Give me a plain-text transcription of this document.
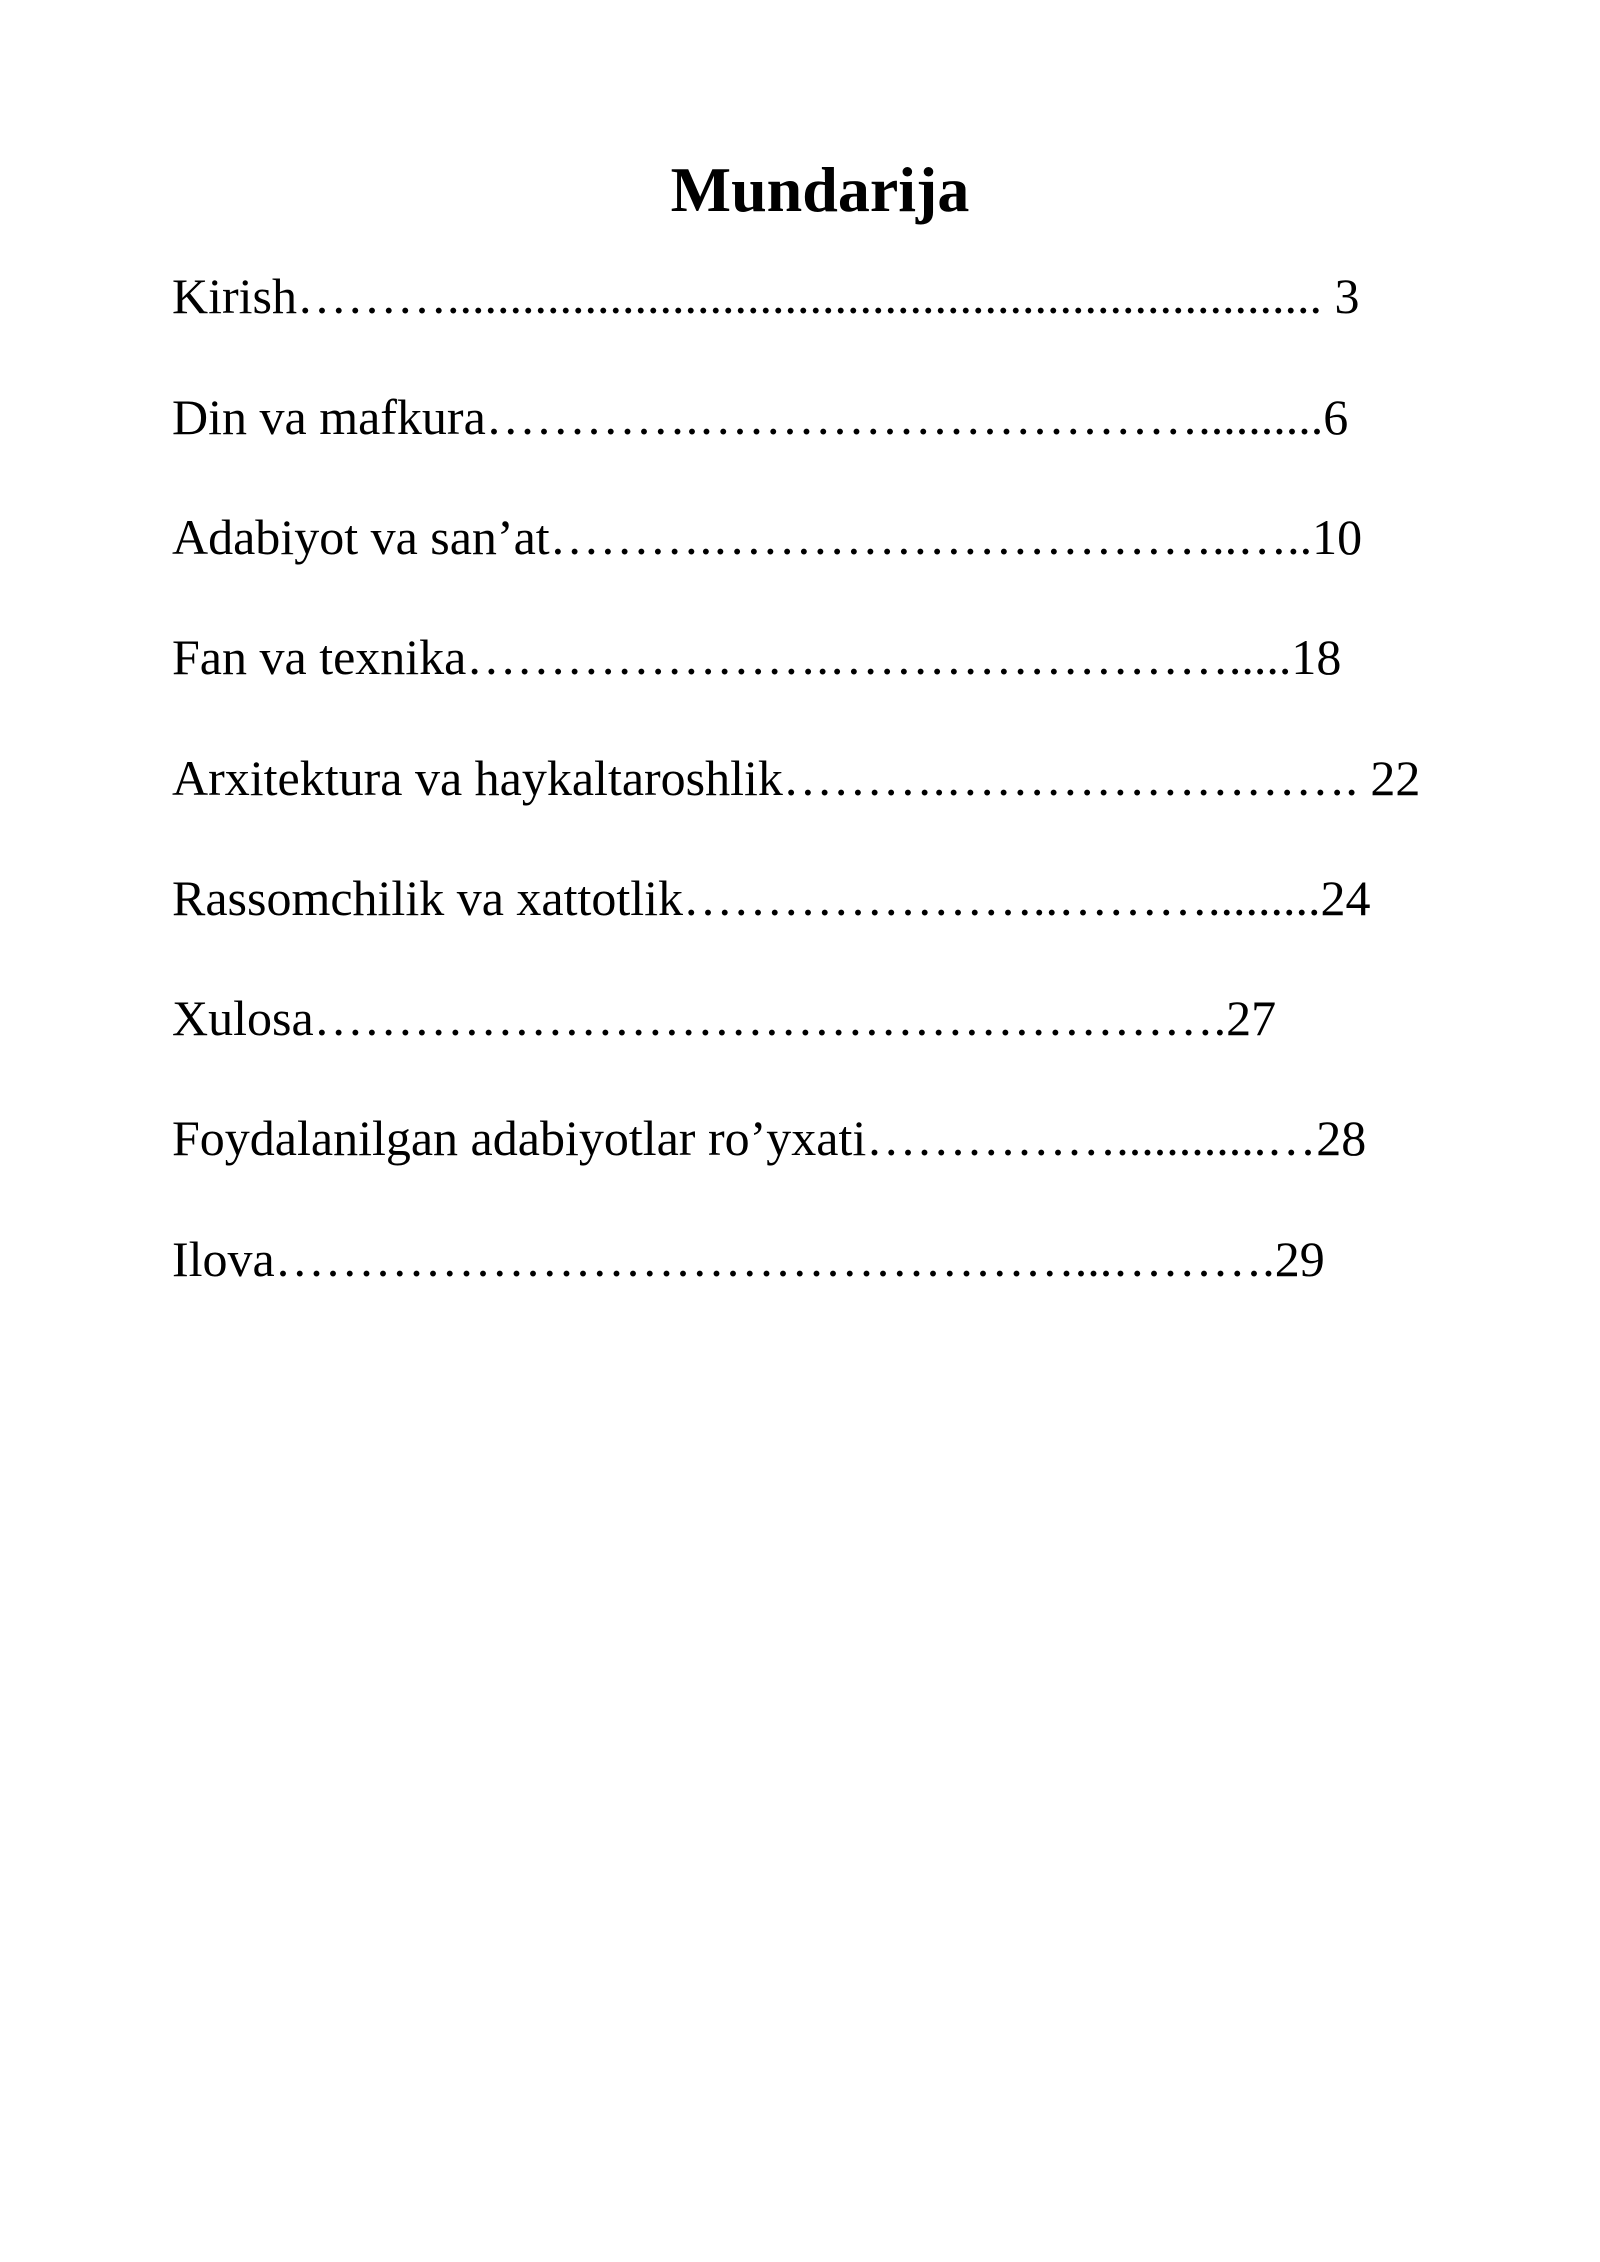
Mundarija
Kirish………...................................................................... 3
Din va mafkura………….…………………………..........6
Adabiyot va san’at……….…………………………..…..10
Fan va texnika………………….…………………….....18
Arxitektura va haykaltaroshlik……….……………………. 22
Rassomchilik va xattotlik…………………..……….........24
Xulosa……………………………………………….27
Foydalanilgan adabiyotlar ro’yxati……………............…28
Ilova…………………………………………...……….29
